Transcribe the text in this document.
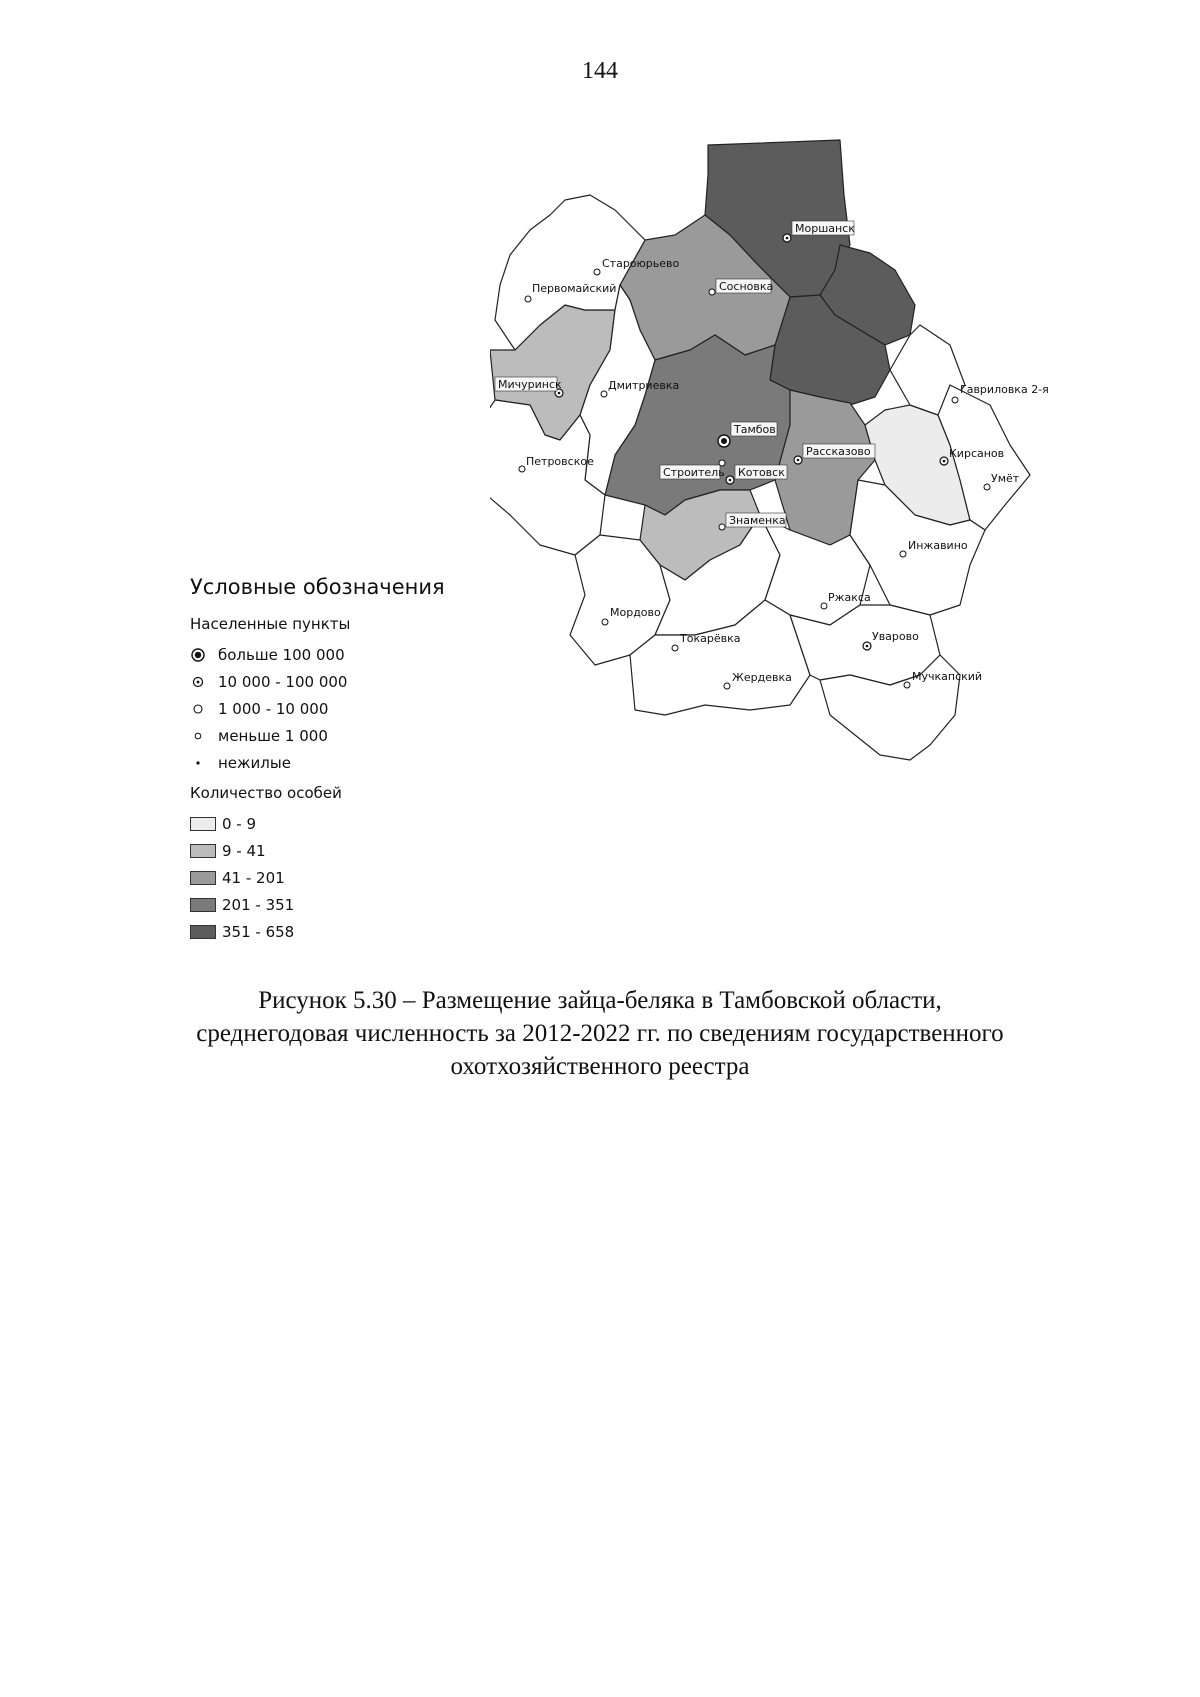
144
Моршанск
Староюрьево
Первомайский	Сосновка
Мичуринск	Дмитриевка	Гавриловка 2-я
Тамбов
Петровское
Рассказово	Кирсанов
Строитель Котовск	Умёт
Знаменка
Инжавино
Ржакса
Мордово
Токарёвка	Уварово
Жердевка	Мучкапский
Условные обозначения
Населенные пункты
больше 100 000
10 000 - 100 000
1 000 - 10 000
меньше 1 000
нежилые
Количество особей
0 - 9
9 - 41
41 - 201
201 - 351
351 - 658
Рисунок 5.30 – Размещение зайца-беляка в Тамбовской области,
среднегодовая численность за 2012-2022 гг. по сведениям государственного
охотхозяйственного реестра
